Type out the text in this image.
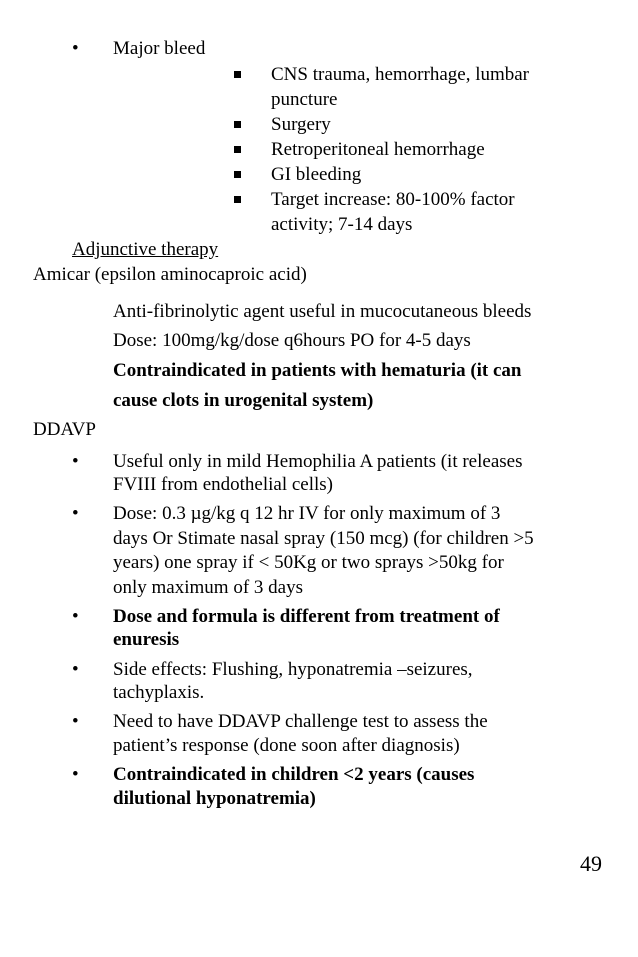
• Major bleed
CNS trauma, hemorrhage, lumbar
puncture
Surgery
Retroperitoneal hemorrhage
GI bleeding
Target increase: 80-100% factor
activity; 7-14 days
Adjunctive therapy
Amicar (epsilon aminocaproic acid)
Anti-fibrinolytic agent useful in mucocutaneous bleeds
Dose: 100mg/kg/dose q6hours PO for 4-5 days
Contraindicated in patients with hematuria (it can
cause clots in urogenital system)
DDAVP
• Useful only in mild Hemophilia A patients (it releases
FVIII from endothelial cells)
• Dose: 0.3 µg/kg q 12 hr IV for only maximum of 3
days Or Stimate nasal spray (150 mcg) (for children >5
years) one spray if < 50Kg or two sprays >50kg for
only maximum of 3 days
• Dose and formula is different from treatment of
enuresis
• Side effects: Flushing, hyponatremia –seizures,
tachyplaxis.
• Need to have DDAVP challenge test to assess the
patient’s response (done soon after diagnosis)
• Contraindicated in children <2 years (causes
dilutional hyponatremia)
49
